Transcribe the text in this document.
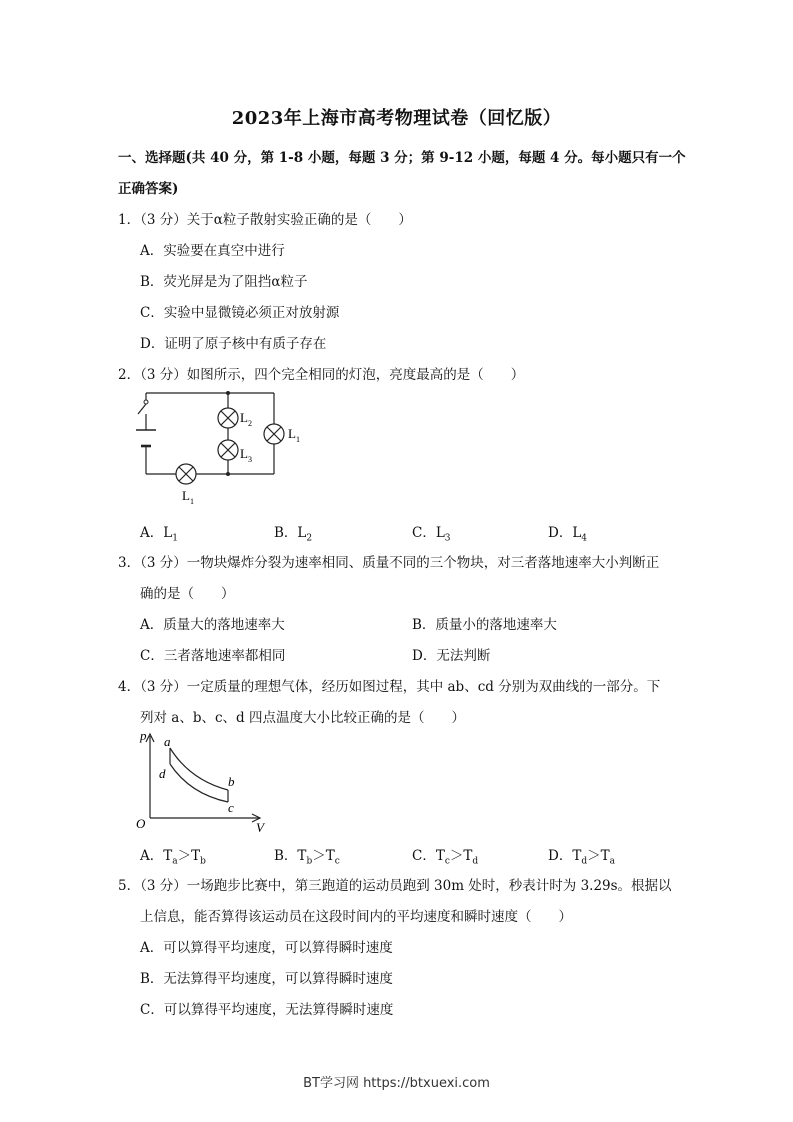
2023年上海市高考物理试卷（回忆版）
一、选择题(共 40 分，第 1-8 小题，每题 3 分；第 9-12 小题，每题 4 分。每小题只有一个
正确答案)
1．（3 分）关于α粒子散射实验正确的是（　　）
A．实验要在真空中进行
B．荧光屏是为了阻挡α粒子
C．实验中显微镜必须正对放射源
D．证明了原子核中有质子存在
2．（3 分）如图所示，四个完全相同的灯泡，亮度最高的是（　　）
$L_2$
$L_3$
$L_1$
$L_1$
A．$L_1$	B．$L_2$	C．$L_3$	D．$L_4$
3．（3 分）一物块爆炸分裂为速率相同、质量不同的三个物块，对三者落地速率大小判断正
确的是（　　）
A．质量大的落地速率大	B．质量小的落地速率大
C．三者落地速率都相同	D．无法判断
4．（3 分）一定质量的理想气体，经历如图过程，其中 ab、cd 分别为双曲线的一部分。下
列对 a、b、c、d 四点温度大小比较正确的是（　　）
p
V
O
a
b
c
d
A．$T_a>T_b$	B．$T_b>T_c$	C．$T_c>T_d$	D．$T_d>T_a$
5．（3 分）一场跑步比赛中，第三跑道的运动员跑到 30m 处时，秒表计时为 3.29s。根据以
上信息，能否算得该运动员在这段时间内的平均速度和瞬时速度（　　）
A．可以算得平均速度，可以算得瞬时速度
B．无法算得平均速度，可以算得瞬时速度
C．可以算得平均速度，无法算得瞬时速度
BT学习网 https://btxuexi.com
